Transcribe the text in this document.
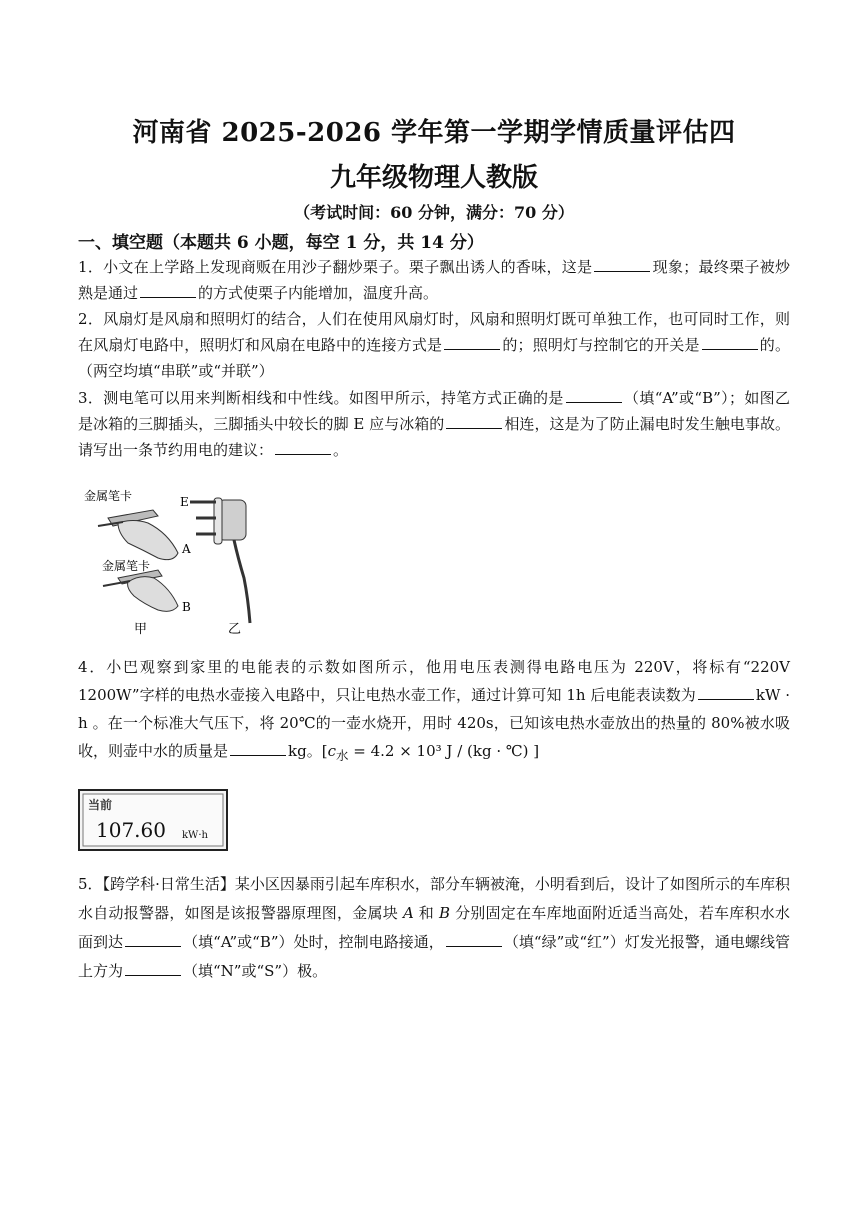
河南省 2025-2026 学年第一学期学情质量评估四
九年级物理人教版
（考试时间：60 分钟，满分：70 分）
一、填空题（本题共 6 小题，每空 1 分，共 14 分）
1．小文在上学路上发现商贩在用沙子翻炒栗子。栗子飘出诱人的香味，这是	现象；最终栗子被炒熟是通过	的方式使栗子内能增加，温度升高。
2．风扇灯是风扇和照明灯的结合，人们在使用风扇灯时，风扇和照明灯既可单独工作，也可同时工作，则在风扇灯电路中，照明灯和风扇在电路中的连接方式是	的；照明灯与控制它的开关是	的。（两空均填“串联”或“并联”）
3．测电笔可以用来判断相线和中性线。如图甲所示，持笔方式正确的是	（填“A”或“B”）；如图乙是冰箱的三脚插头，三脚插头中较长的脚 E 应与冰箱的	相连，这是为了防止漏电时发生触电事故。请写出一条节约用电的建议：	。
金属笔卡
A
金属笔卡
B
甲
E
乙
4．小巴观察到家里的电能表的示数如图所示，他用电压表测得电路电压为 220V，将标有“220V　1200W”字样的电热水壶接入电路中，只让电热水壶工作，通过计算可知 1h 后电能表读数为	kW · h 。在一个标准大气压下，将 20℃的一壶水烧开，用时 420s，已知该电热水壶放出的热量的 80%被水吸收，则壶中水的质量是	kg。[$c_水 = 4.2 \times 10^3$ J / (kg · ℃) ]
当前
107.60 kW·h
5．【跨学科·日常生活】某小区因暴雨引起车库积水，部分车辆被淹，小明看到后，设计了如图所示的车库积水自动报警器，如图是该报警器原理图，金属块 A 和 B 分别固定在车库地面附近适当高处，若车库积水水面到达	（填“A”或“B”）处时，控制电路接通，	（填“绿”或“红”）灯发光报警，通电螺线管上方为	（填“N”或“S”）极。
